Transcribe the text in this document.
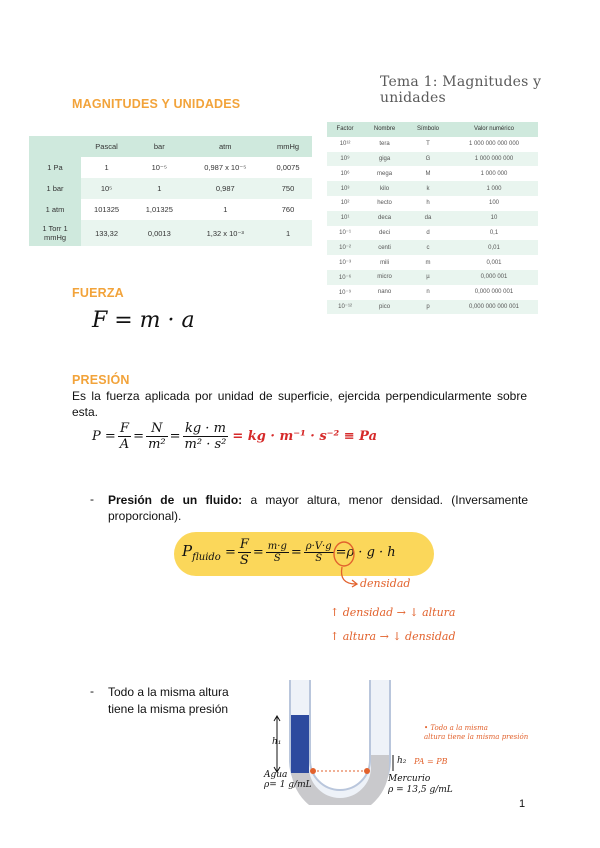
Tema 1: Magnitudes y unidades
MAGNITUDES Y UNIDADES
	Pascal	bar	atm	mmHg
1 Pa	1	10⁻⁵	0,987 x 10⁻⁵	0,0075
1 bar	10⁵	1	0,987	750
1 atm	101325	1,01325	1	760
1 Torr 1 mmHg	133,32	0,0013	1,32 x 10⁻³	1
Factor	Nombre	Símbolo	Valor numérico
10¹²	tera	T	1 000 000 000 000
10⁹	giga	G	1 000 000 000
10⁶	mega	M	1 000 000
10³	kilo	k	1 000
10²	hecto	h	100
10¹	deca	da	10
10⁻¹	deci	d	0,1
10⁻²	centi	c	0,01
10⁻³	mili	m	0,001
10⁻⁶	micro	µ	0,000 001
10⁻⁹	nano	n	0,000 000 001
10⁻¹²	pico	p	0,000 000 000 001
FUERZA
F = m · a
PRESIÓN
Es la fuerza aplicada por unidad de superficie, ejercida perpendicularmente sobre esta.
$P = \frac{F}{A} = \frac{N}{\text{m²}} = \frac{kg \cdot m}{\text{m² · s²}}$ = kg · m⁻¹ · s⁻² ≡ Pa
- Presión de un fluido: a mayor altura, menor densidad. (Inversamente proporcional).
$P_{fluido} = \frac{F}{S} = \frac{m\cdot g}{S} = \frac{\rho\cdot V\cdot g}{S} = \rho \cdot g \cdot h$
densidad
↑ densidad → ↓ altura
↑ altura → ↓ densidad
- Todo a la misma altura
tiene la misma presión
h₁
h₂
Agua
ρ= 1 g/mL
Mercurio
ρ = 13,5 g/mL
• Todo a la misma
altura tiene la misma presión
PA = PB
1
